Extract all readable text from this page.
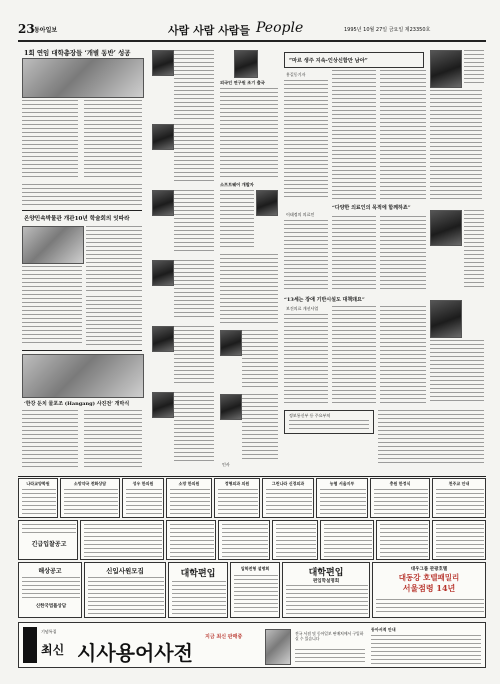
23 동아일보	사람 사람 사람들 People	1995년 10월 27일 금요일 제23350호
1회 연임 대학총장들 ‘개별 동반’ 성공
온양민속박물관 개관10년 학술회의 잇따라
‘한강 둔치 물포조 (Hangang) 사진전’ 개막식
외국인 연구원 조기 출국
소프트웨어 개발자
인사
“마르 생주 지속-인상신함만 남아”
홍길동기자
“다양한 의료인의 목적에 함께하죠”
이태정의 의료인
“13세는 장애 기반시설도 대책돼요”
보건의료 개선사업
정보통신부 등 주요부처
나라교양학원	소망약국 전화상담	성우 한의원	소망 한의원	정형외과 의원	그린나라 신경외과	농협 서울지부	충원 한정식	천주교 안내
긴급입찰공고
해상공고
신한국법률상담
신입사원모집	대학편입
입학전형 설명회	대학편입
편입학설명회
대우그룹 관광호텔
대동강 호텔패밀리
서울점령 14년
기념특집
최신 시사용어사전
지금 최신 판매중
전국 서점 및 동아일보 판매처에서 구입하실 수 있습니다
동아서적 안내
